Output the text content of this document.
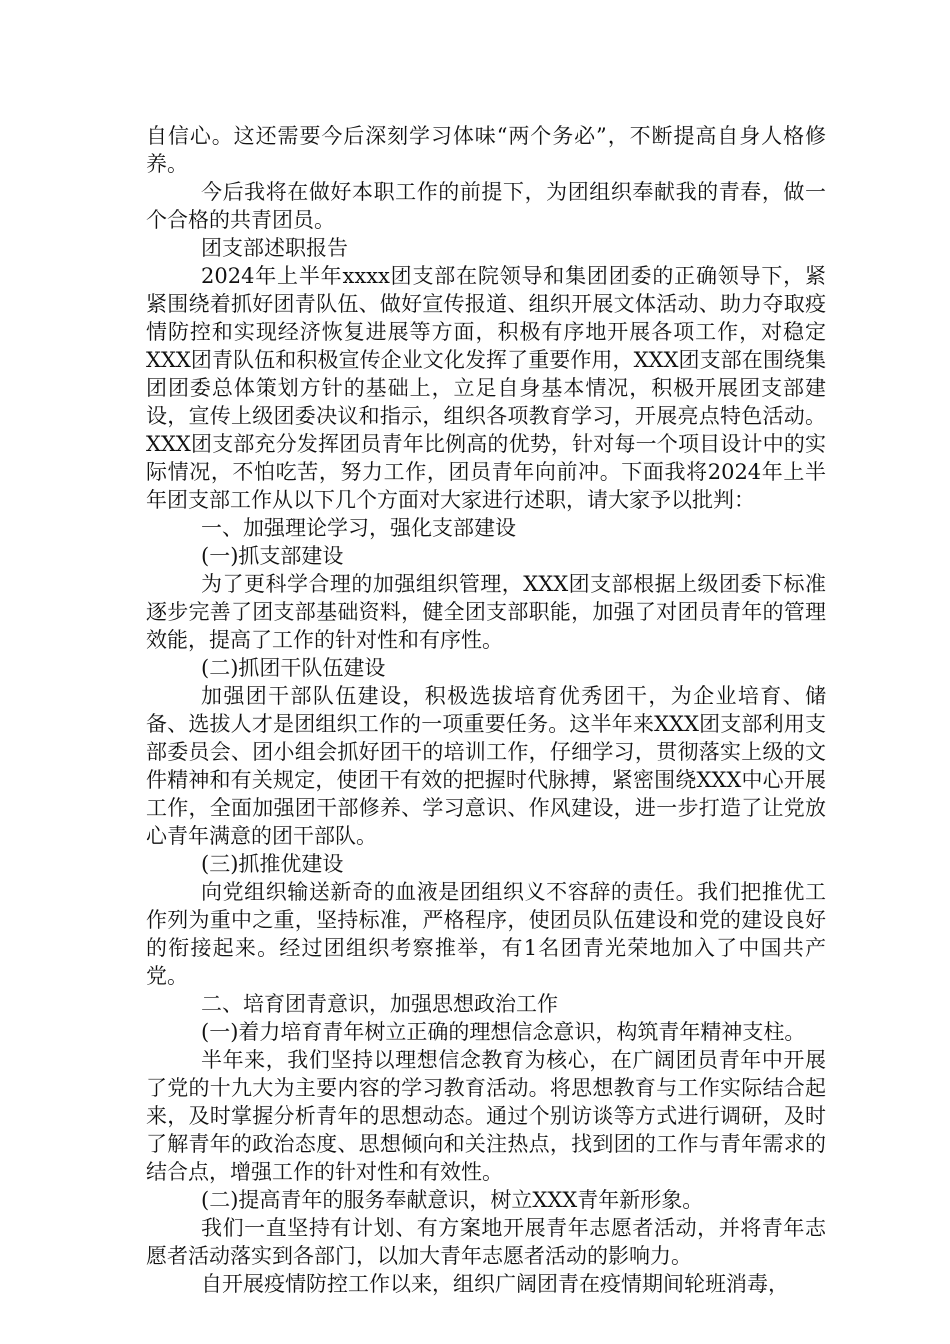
自信心。这还需要今后深刻学习体味“两个务必”，不断提高自身人格修养。

今后我将在做好本职工作的前提下，为团组织奉献我的青春，做一个合格的共青团员。

团支部述职报告

2024年上半年xxxx团支部在院领导和集团团委的正确领导下，紧紧围绕着抓好团青队伍、做好宣传报道、组织开展文体活动、助力夺取疫情防控和实现经济恢复进展等方面，积极有序地开展各项工作，对稳定XXX团青队伍和积极宣传企业文化发挥了重要作用，XXX团支部在围绕集团团委总体策划方针的基础上，立足自身基本情况，积极开展团支部建设，宣传上级团委决议和指示，组织各项教育学习，开展亮点特色活动。XXX团支部充分发挥团员青年比例高的优势，针对每一个项目设计中的实际情况，不怕吃苦，努力工作，团员青年向前冲。下面我将2024年上半年团支部工作从以下几个方面对大家进行述职，请大家予以批判：

一、加强理论学习，强化支部建设

(一)抓支部建设

为了更科学合理的加强组织管理，XXX团支部根据上级团委下标准逐步完善了团支部基础资料，健全团支部职能，加强了对团员青年的管理效能，提高了工作的针对性和有序性。

(二)抓团干队伍建设

加强团干部队伍建设，积极选拔培育优秀团干，为企业培育、储备、选拔人才是团组织工作的一项重要任务。这半年来XXX团支部利用支部委员会、团小组会抓好团干的培训工作，仔细学习，贯彻落实上级的文件精神和有关规定，使团干有效的把握时代脉搏，紧密围绕XXX中心开展工作，全面加强团干部修养、学习意识、作风建设，进一步打造了让党放心青年满意的团干部队。

(三)抓推优建设

向党组织输送新奇的血液是团组织义不容辞的责任。我们把推优工作列为重中之重，坚持标准，严格程序，使团员队伍建设和党的建设良好的衔接起来。经过团组织考察推举，有1名团青光荣地加入了中国共产党。

二、培育团青意识，加强思想政治工作

(一)着力培育青年树立正确的理想信念意识，构筑青年精神支柱。

半年来，我们坚持以理想信念教育为核心，在广阔团员青年中开展了党的十九大为主要内容的学习教育活动。将思想教育与工作实际结合起来，及时掌握分析青年的思想动态。通过个别访谈等方式进行调研，及时了解青年的政治态度、思想倾向和关注热点，找到团的工作与青年需求的结合点，增强工作的针对性和有效性。

(二)提高青年的服务奉献意识，树立XXX青年新形象。

我们一直坚持有计划、有方案地开展青年志愿者活动，并将青年志愿者活动落实到各部门，以加大青年志愿者活动的影响力。

自开展疫情防控工作以来，组织广阔团青在疫情期间轮班消毒，
